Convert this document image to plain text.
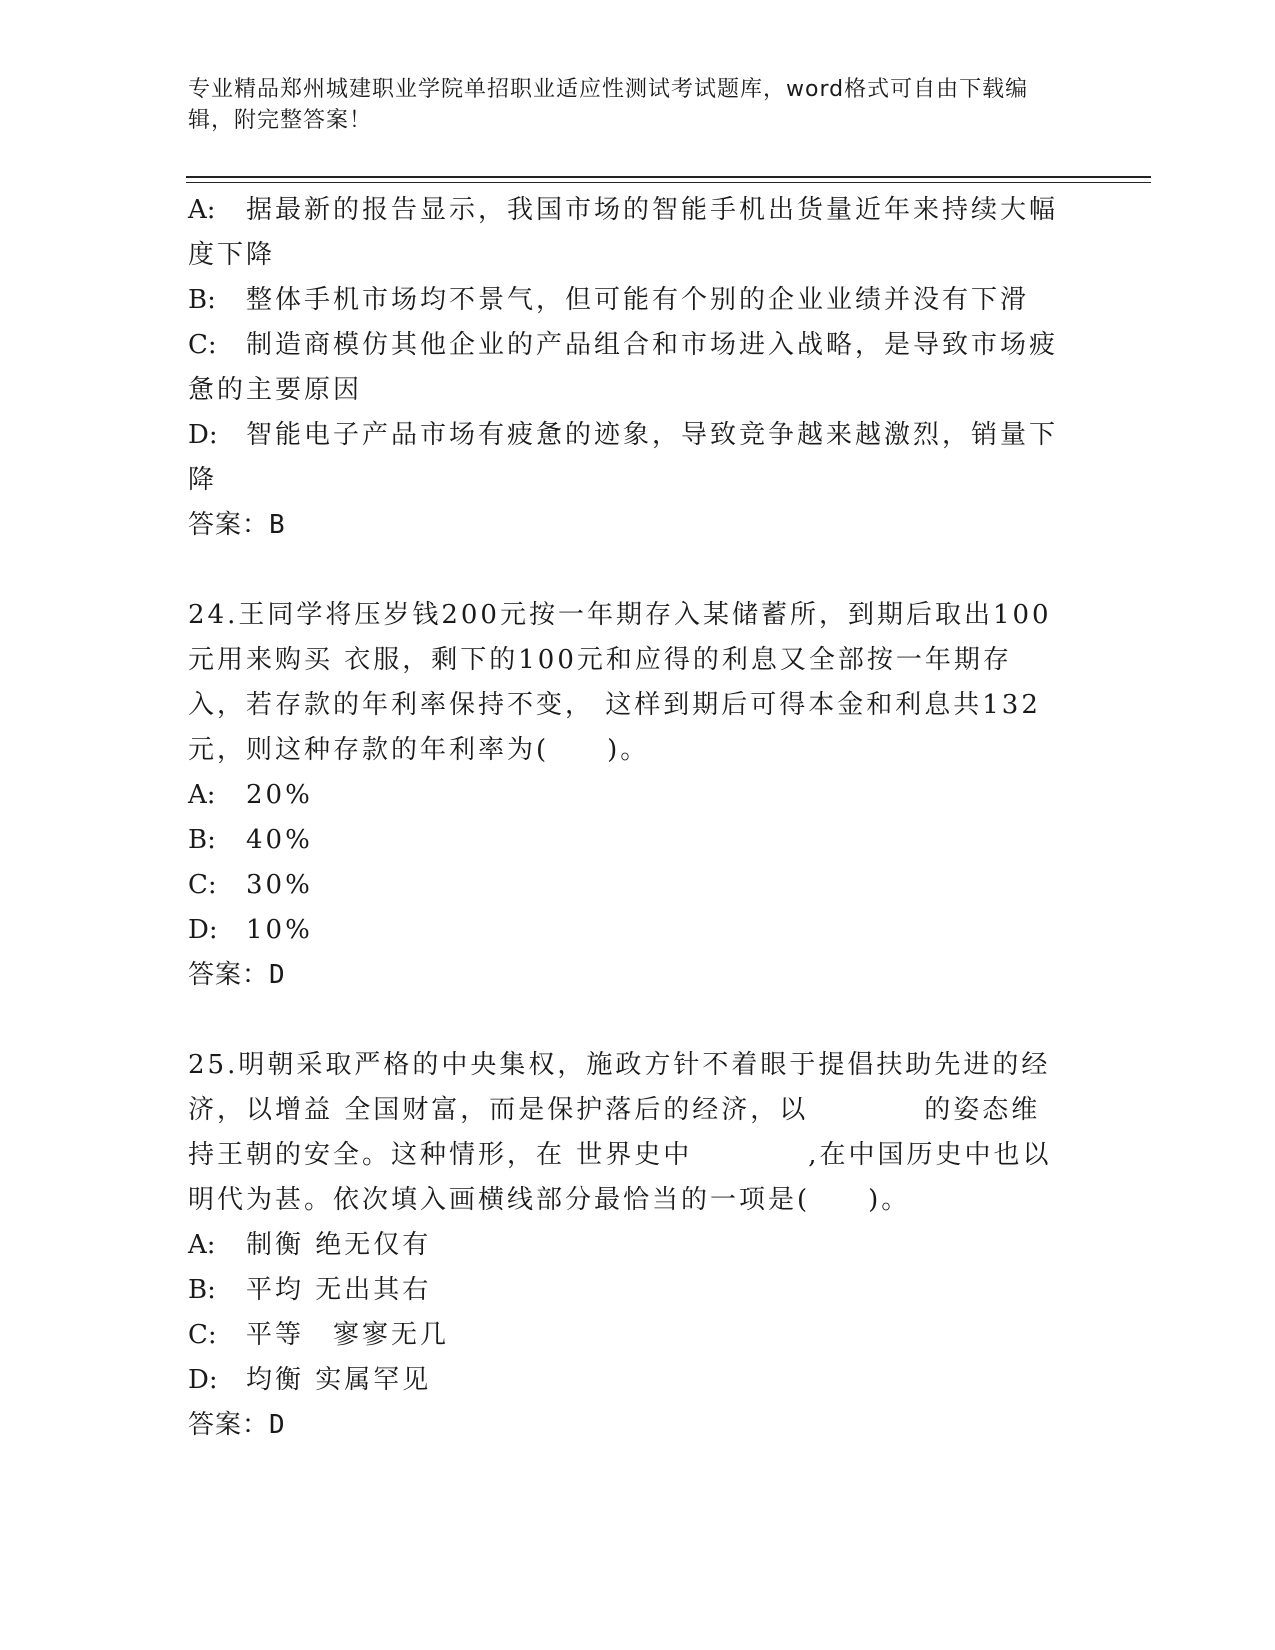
专业精品郑州城建职业学院单招职业适应性测试考试题库，word格式可自由下载编辑，附完整答案！
A: 据最新的报告显示，我国市场的智能手机出货量近年来持续大幅度下降
B: 整体手机市场均不景气，但可能有个别的企业业绩并没有下滑
C: 制造商模仿其他企业的产品组合和市场进入战略，是导致市场疲惫的主要原因
D: 智能电子产品市场有疲惫的迹象，导致竞争越来越激烈，销量下降
答案：B
24.王同学将压岁钱200元按一年期存入某储蓄所，到期后取出100元用来购买 衣服，剩下的100元和应得的利息又全部按一年期存入，若存款的年利率保持不变， 这样到期后可得本金和利息共132元，则这种存款的年利率为(　　)。
A: 20%
B: 40%
C: 30%
D: 10%
答案：D
25.明朝采取严格的中央集权，施政方针不着眼于提倡扶助先进的经济，以增益 全国财富，而是保护落后的经济，以　　　　的姿态维持王朝的安全。这种情形，在 世界史中　　　　,在中国历史中也以明代为甚。依次填入画横线部分最恰当的一项是(　　)。
A: 制衡 绝无仅有
B: 平均 无出其右
C: 平等　寥寥无几
D: 均衡 实属罕见
答案：D
